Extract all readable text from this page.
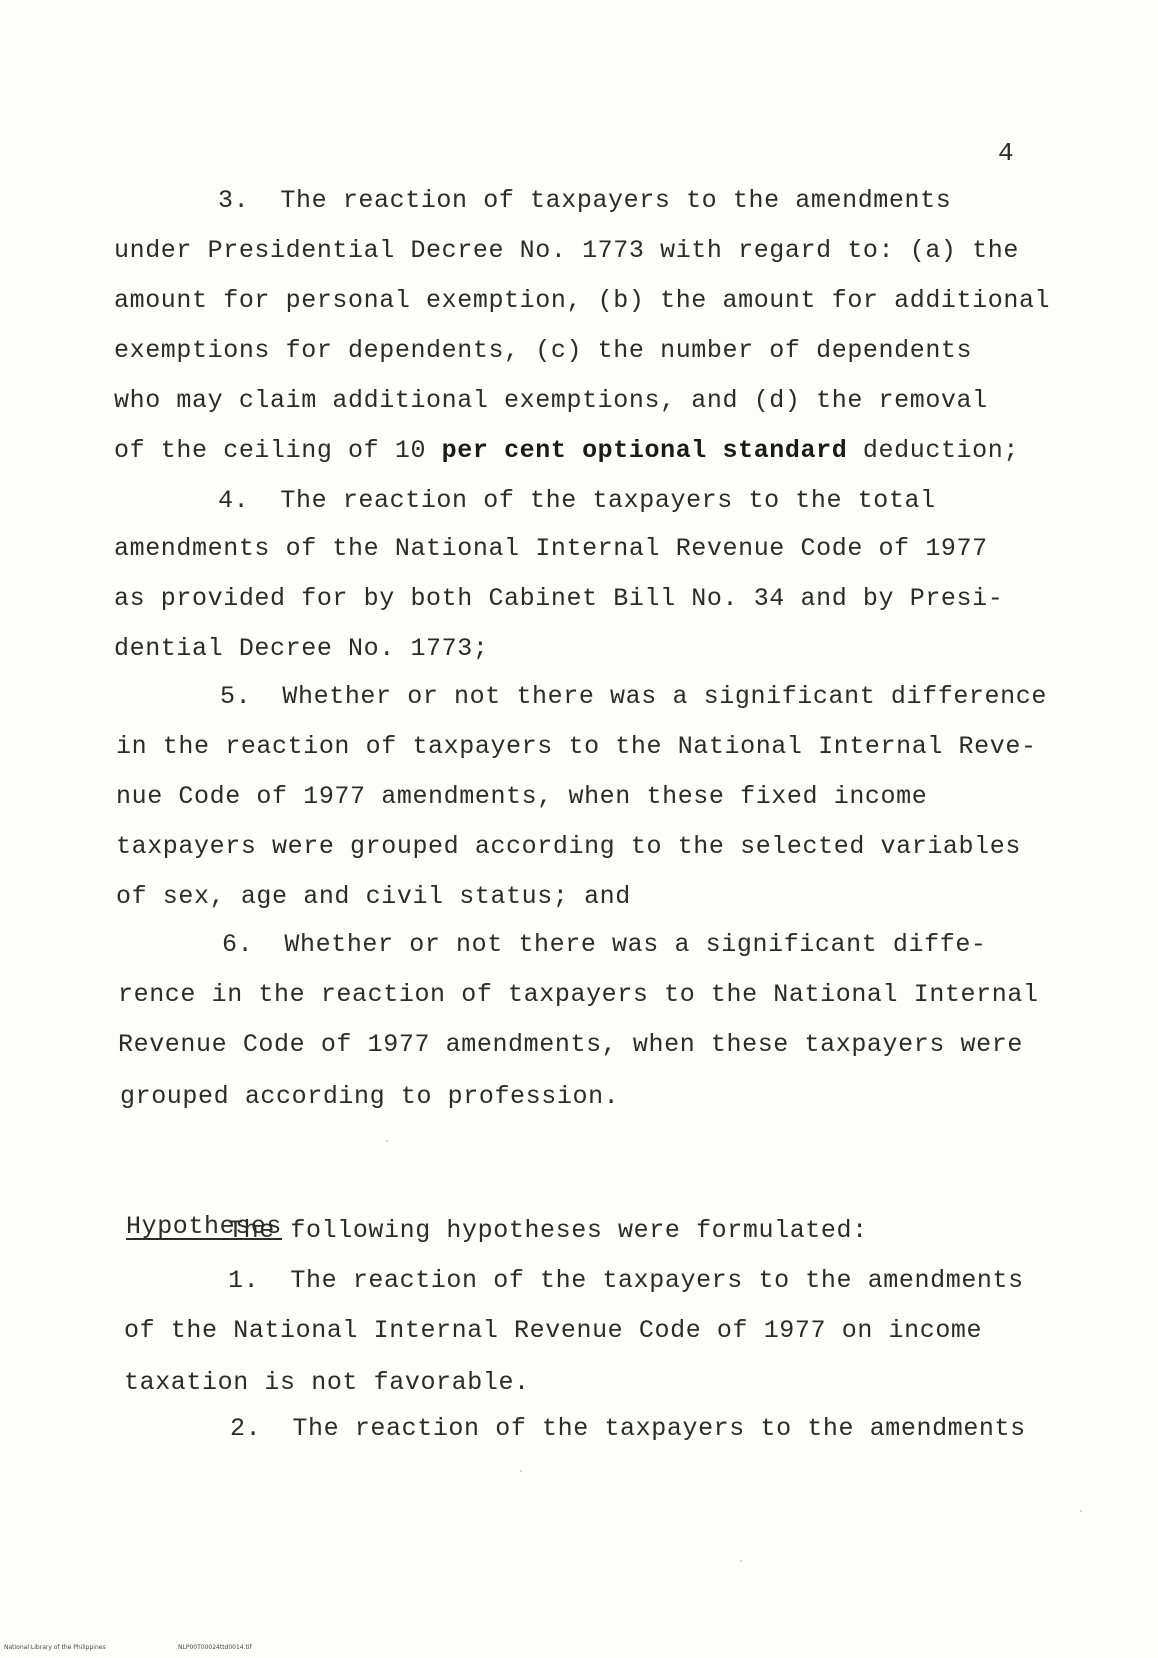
4
3.  The reaction of taxpayers to the amendments
under Presidential Decree No. 1773 with regard to: (a) the
amount for personal exemption, (b) the amount for additional
exemptions for dependents, (c) the number of dependents
who may claim additional exemptions, and (d) the removal
of the ceiling of 10 per cent optional standard deduction;
4.  The reaction of the taxpayers to the total
amendments of the National Internal Revenue Code of 1977
as provided for by both Cabinet Bill No. 34 and by Presi-
dential Decree No. 1773;
5.  Whether or not there was a significant difference
in the reaction of taxpayers to the National Internal Reve-
nue Code of 1977 amendments, when these fixed income
taxpayers were grouped according to the selected variables
of sex, age and civil status; and
6.  Whether or not there was a significant diffe-
rence in the reaction of taxpayers to the National Internal
Revenue Code of 1977 amendments, when these taxpayers were
grouped according to profession.
Hypotheses
The following hypotheses were formulated:
1.  The reaction of the taxpayers to the amendments
of the National Internal Revenue Code of 1977 on income
taxation is not favorable.
2.  The reaction of the taxpayers to the amendments
National Library of the Philippines	NLP00T00024ttd0014.tif
